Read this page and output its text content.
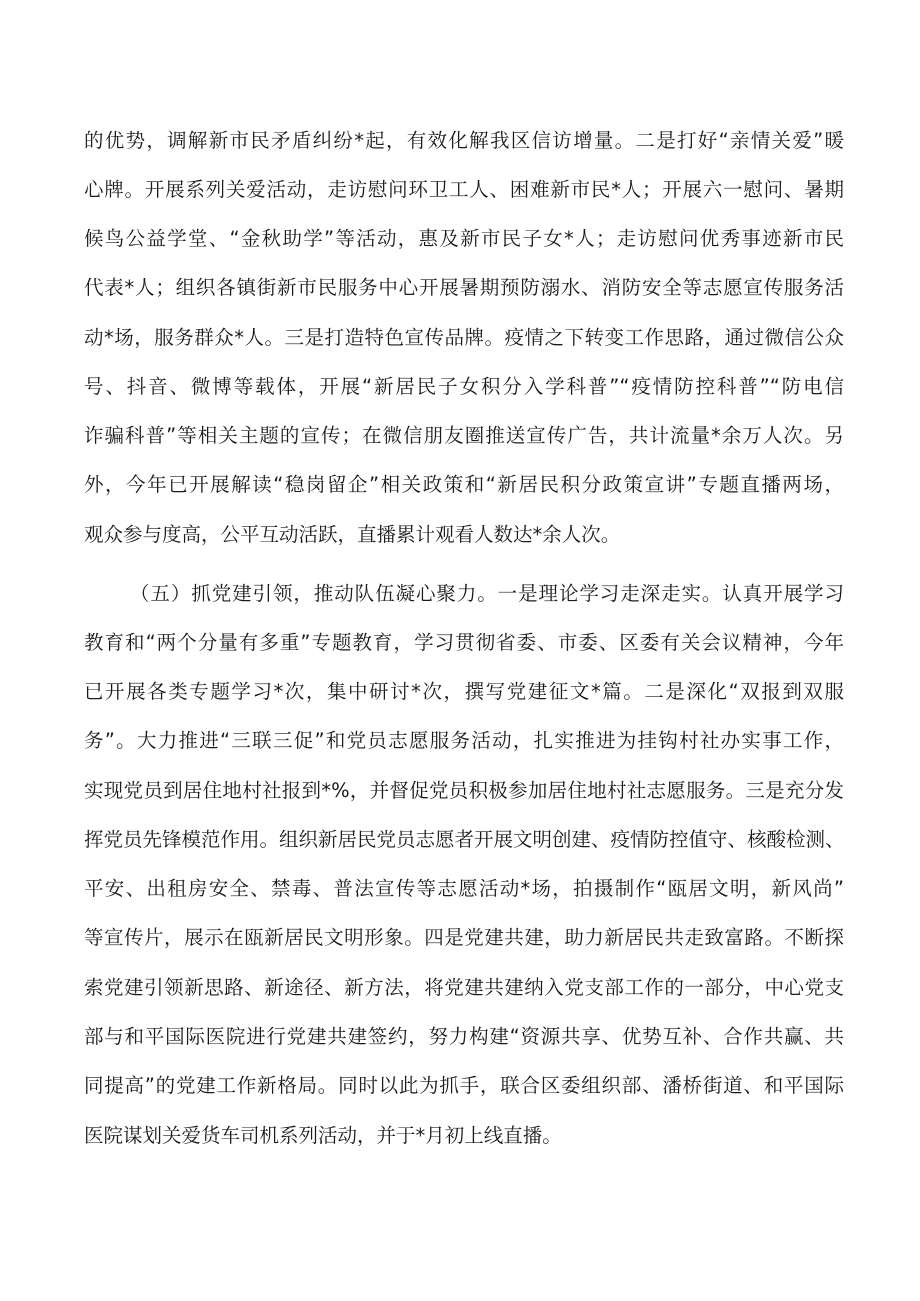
的优势，调解新市民矛盾纠纷*起，有效化解我区信访增量。二是打好“亲情关爱”暖

心牌。开展系列关爱活动，走访慰问环卫工人、困难新市民*人；开展六一慰问、暑期

候鸟公益学堂、“金秋助学”等活动，惠及新市民子女*人；走访慰问优秀事迹新市民

代表*人；组织各镇街新市民服务中心开展暑期预防溺水、消防安全等志愿宣传服务活

动*场，服务群众*人。三是打造特色宣传品牌。疫情之下转变工作思路，通过微信公众

号、抖音、微博等载体，开展“新居民子女积分入学科普”“疫情防控科普”“防电信

诈骗科普”等相关主题的宣传；在微信朋友圈推送宣传广告，共计流量*余万人次。另

外，今年已开展解读“稳岗留企”相关政策和“新居民积分政策宣讲”专题直播两场，

观众参与度高，公平互动活跃，直播累计观看人数达*余人次。

（五）抓党建引领，推动队伍凝心聚力。一是理论学习走深走实。认真开展学习

教育和“两个分量有多重”专题教育，学习贯彻省委、市委、区委有关会议精神，今年

已开展各类专题学习*次，集中研讨*次，撰写党建征文*篇。二是深化“双报到双服

务”。大力推进“三联三促”和党员志愿服务活动，扎实推进为挂钩村社办实事工作，

实现党员到居住地村社报到*%，并督促党员积极参加居住地村社志愿服务。三是充分发

挥党员先锋模范作用。组织新居民党员志愿者开展文明创建、疫情防控值守、核酸检测、

平安、出租房安全、禁毒、普法宣传等志愿活动*场，拍摄制作“瓯居文明，新风尚”

等宣传片，展示在瓯新居民文明形象。四是党建共建，助力新居民共走致富路。不断探

索党建引领新思路、新途径、新方法，将党建共建纳入党支部工作的一部分，中心党支

部与和平国际医院进行党建共建签约，努力构建“资源共享、优势互补、合作共赢、共

同提高”的党建工作新格局。同时以此为抓手，联合区委组织部、潘桥街道、和平国际

医院谋划关爱货车司机系列活动，并于*月初上线直播。
